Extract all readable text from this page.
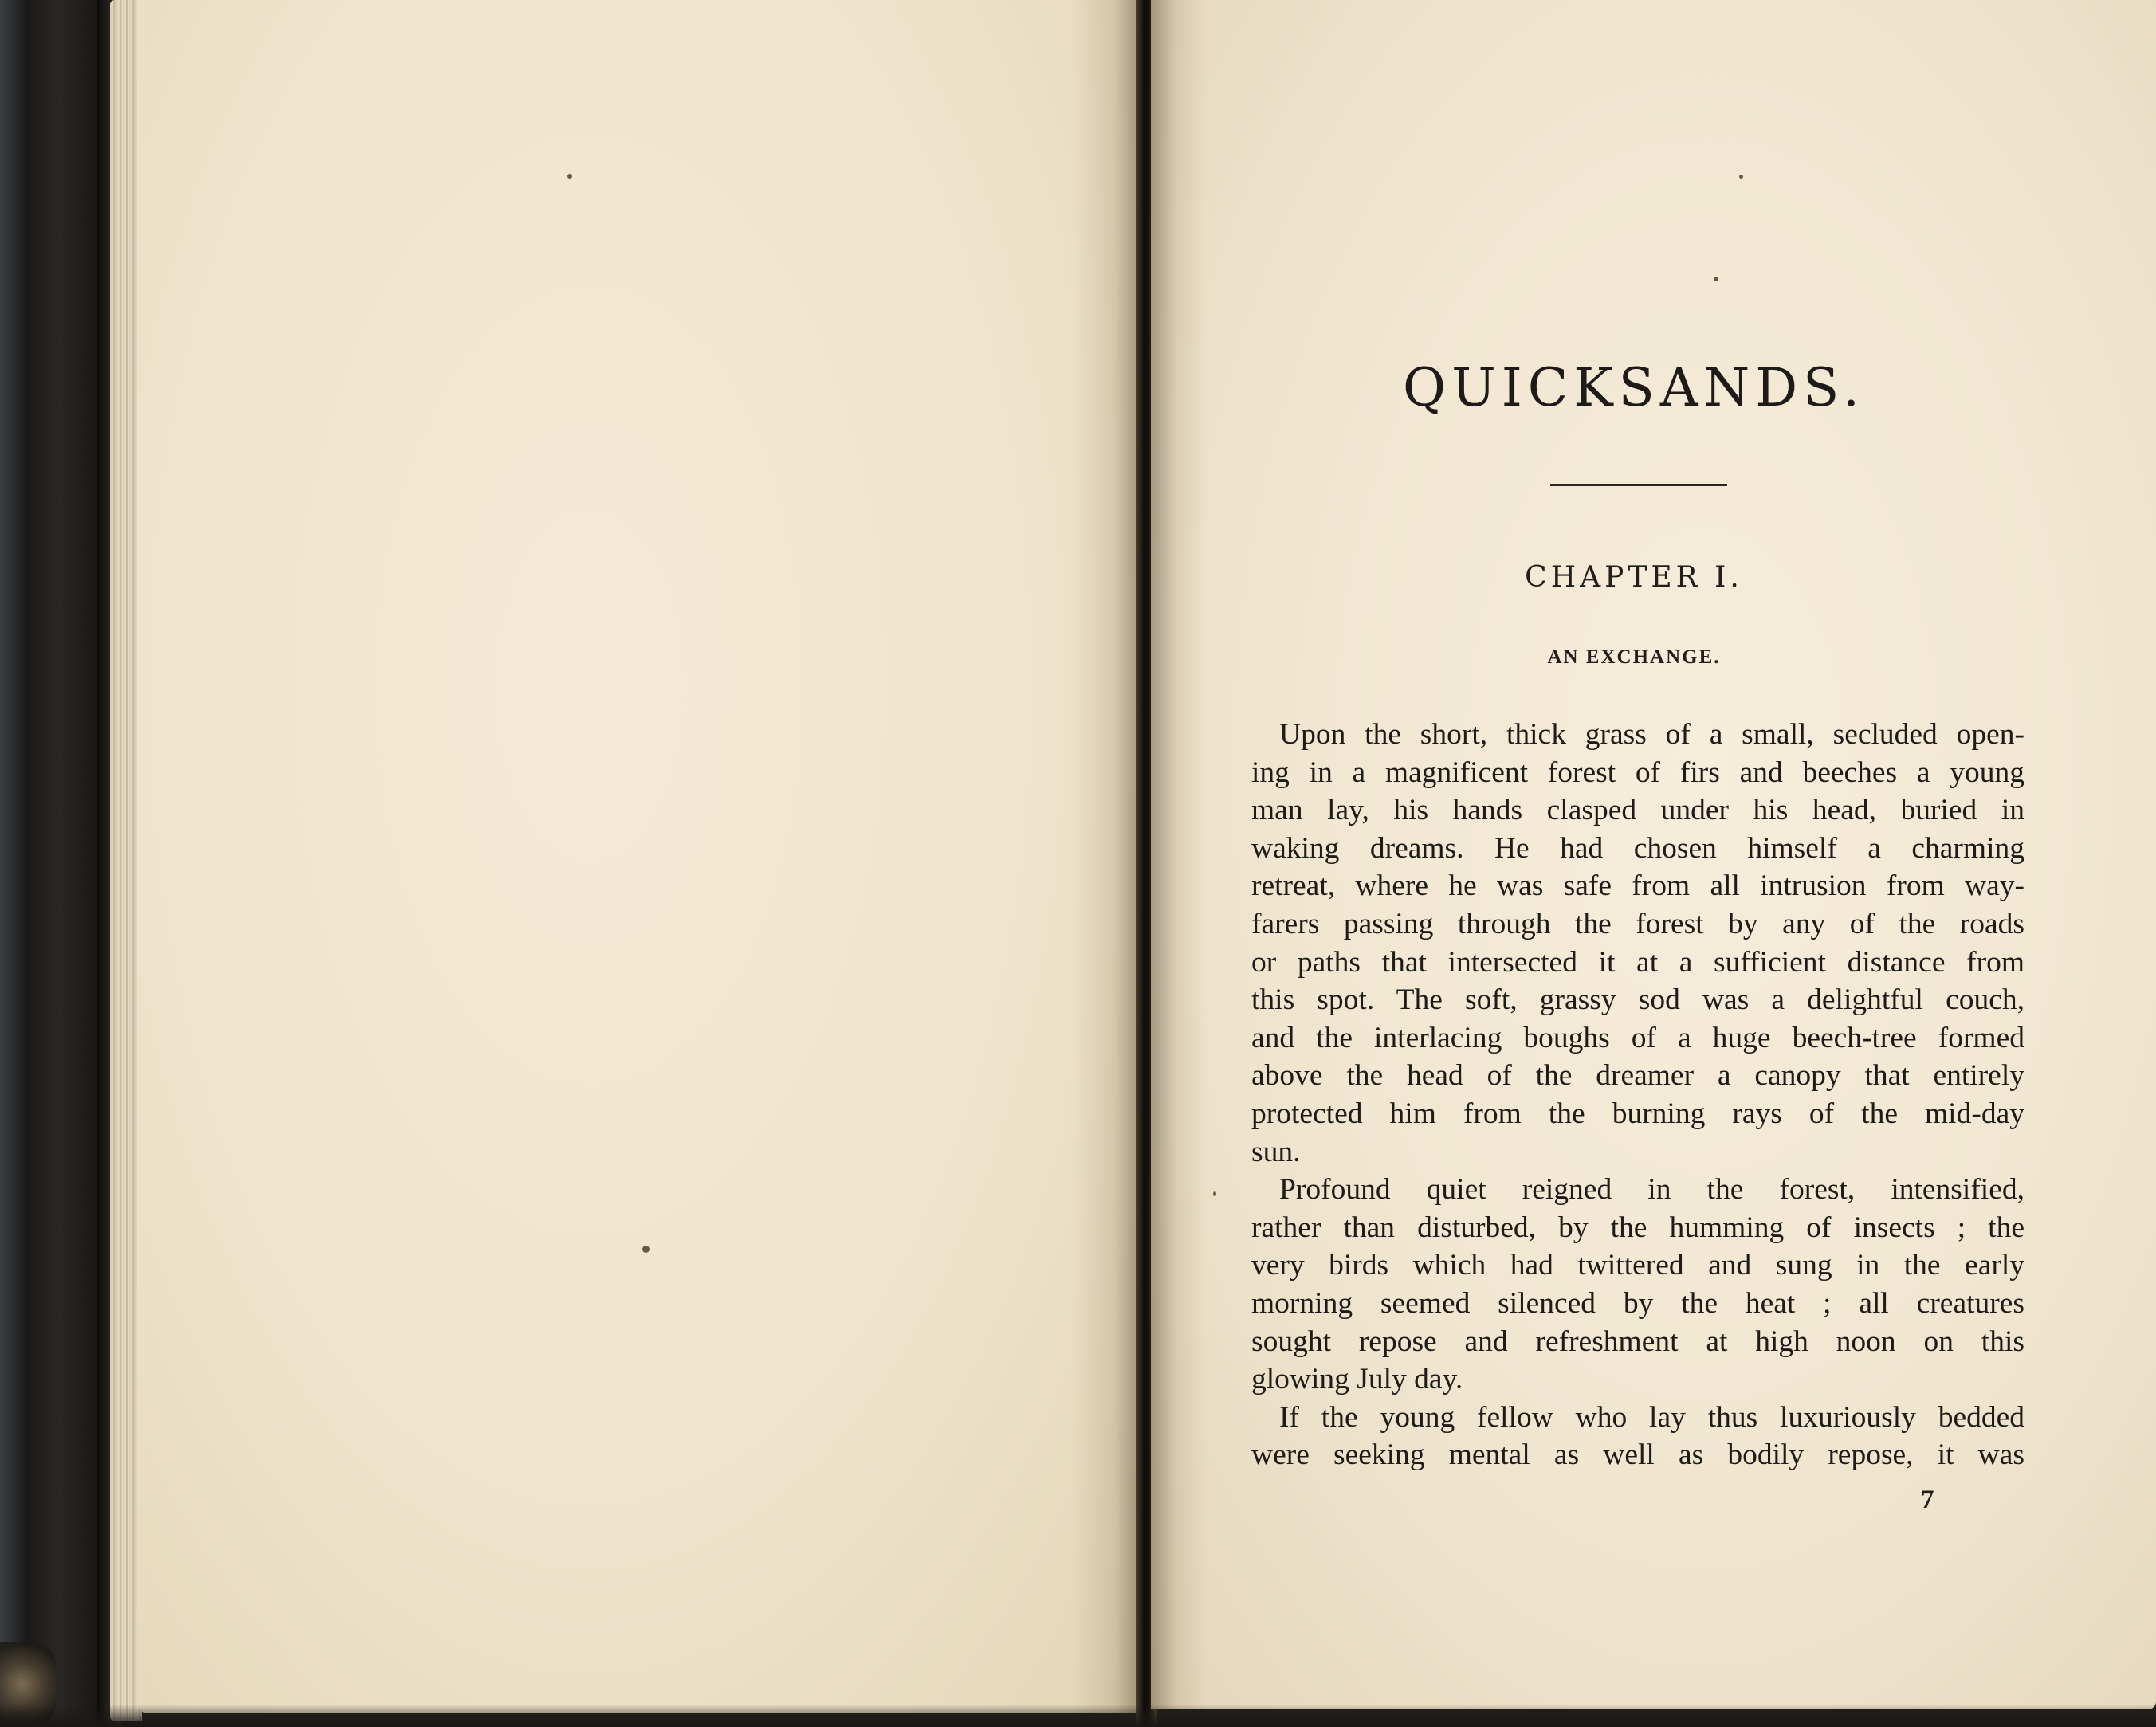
QUICKSANDS.
CHAPTER I.
AN EXCHANGE.
Upon the short, thick grass of a small, secluded open-
ing in a magnificent forest of firs and beeches a young
man lay, his hands clasped under his head, buried in
waking dreams. He had chosen himself a charming
retreat, where he was safe from all intrusion from way-
farers passing through the forest by any of the roads
or paths that intersected it at a sufficient distance from
this spot. The soft, grassy sod was a delightful couch,
and the interlacing boughs of a huge beech-tree formed
above the head of the dreamer a canopy that entirely
protected him from the burning rays of the mid-day
sun.
Profound quiet reigned in the forest, intensified,
rather than disturbed, by the humming of insects ; the
very birds which had twittered and sung in the early
morning seemed silenced by the heat ; all creatures
sought repose and refreshment at high noon on this
glowing July day.
If the young fellow who lay thus luxuriously bedded
were seeking mental as well as bodily repose, it was
7
